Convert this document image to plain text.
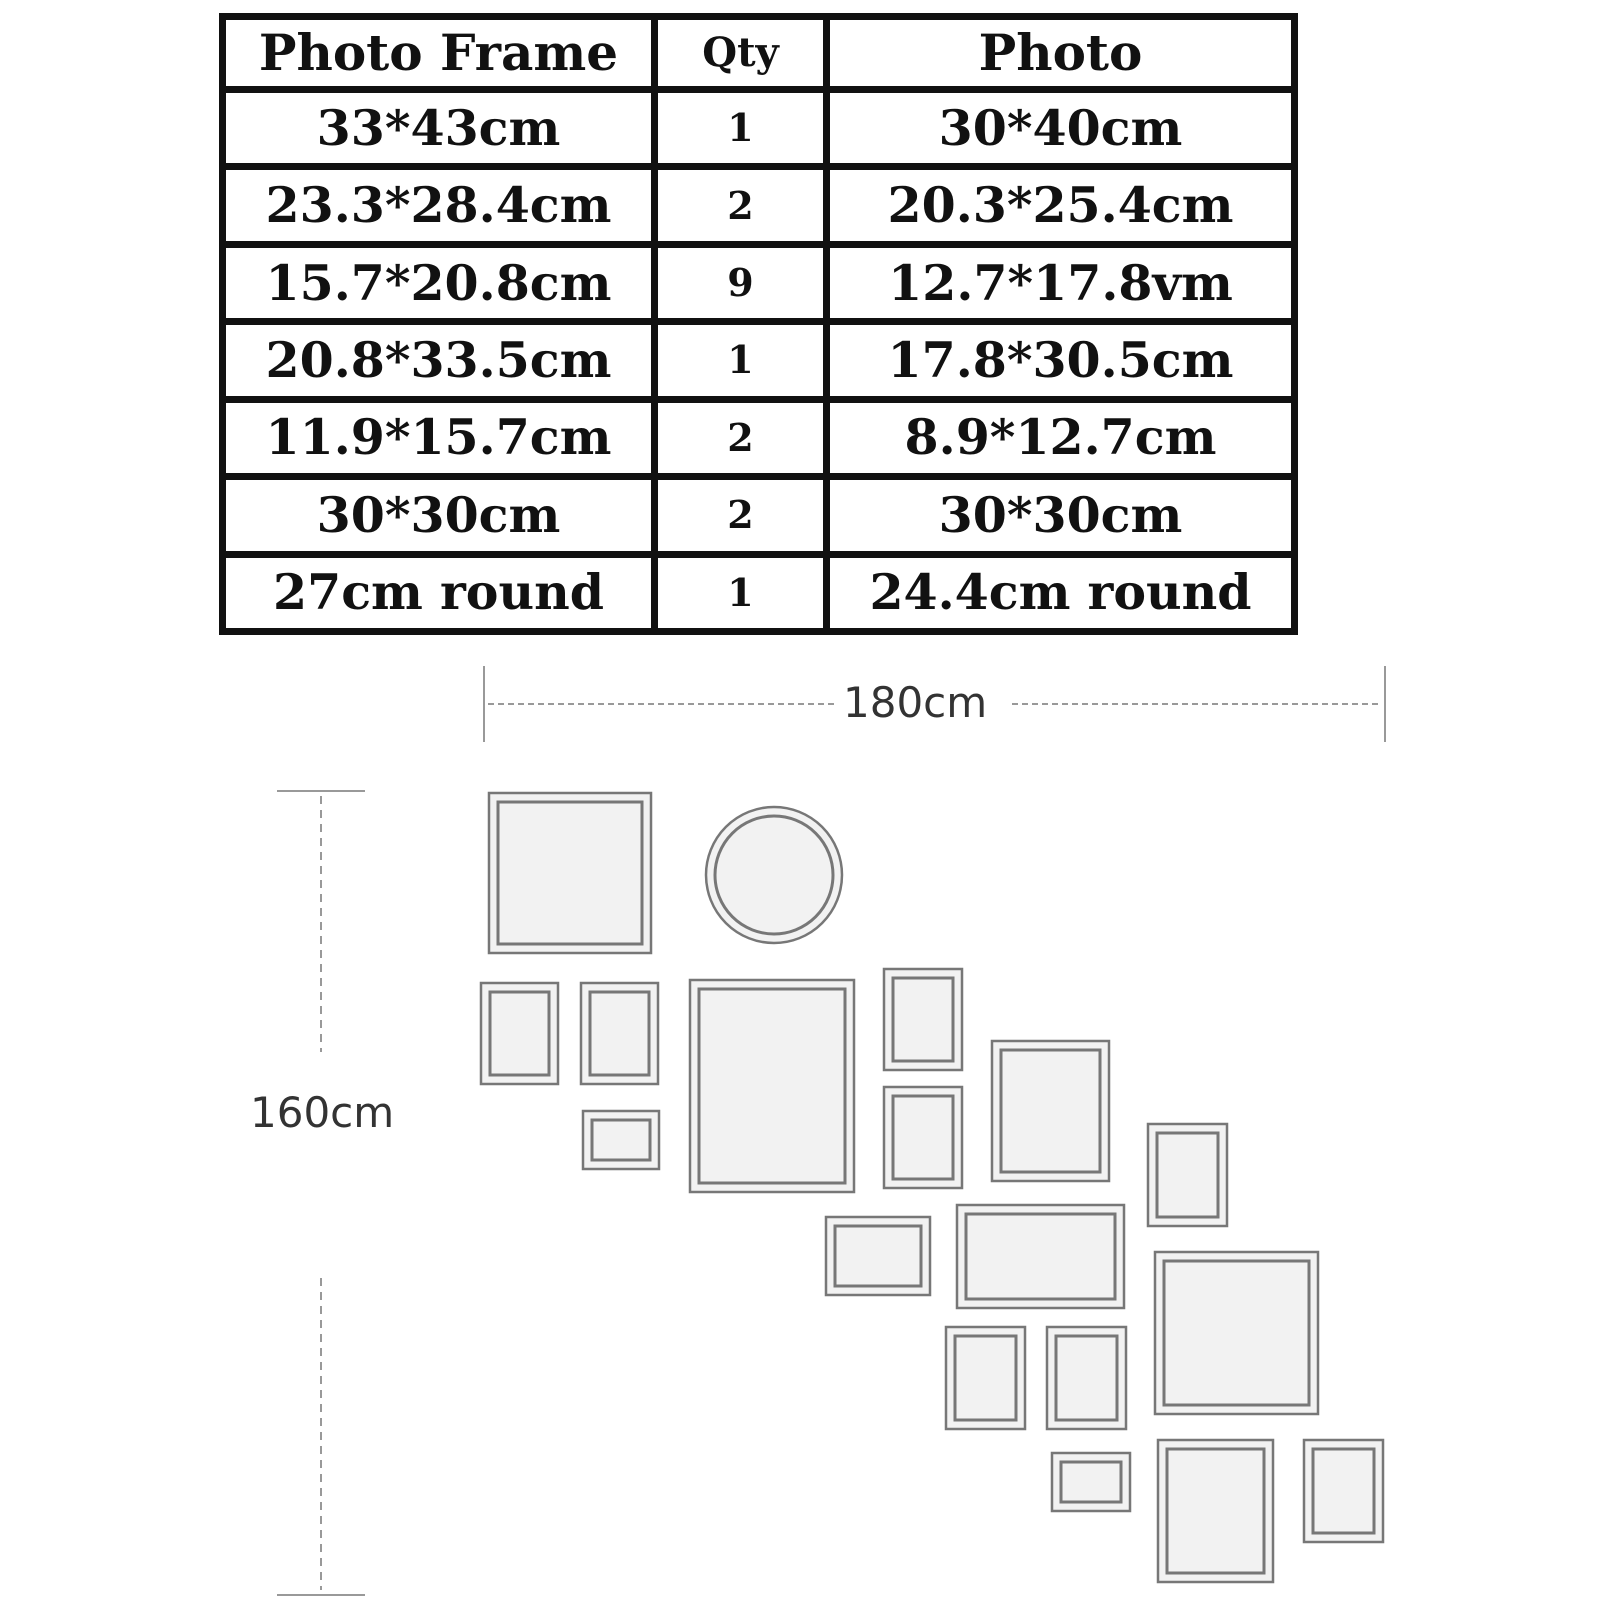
Photo Frame	Qty	Photo
33*43cm	1	30*40cm
23.3*28.4cm	2	20.3*25.4cm
15.7*20.8cm	9	12.7*17.8vm
20.8*33.5cm	1	17.8*30.5cm
11.9*15.7cm	2	8.9*12.7cm
30*30cm	2	30*30cm
27cm round	1	24.4cm round
180cm
160cm
